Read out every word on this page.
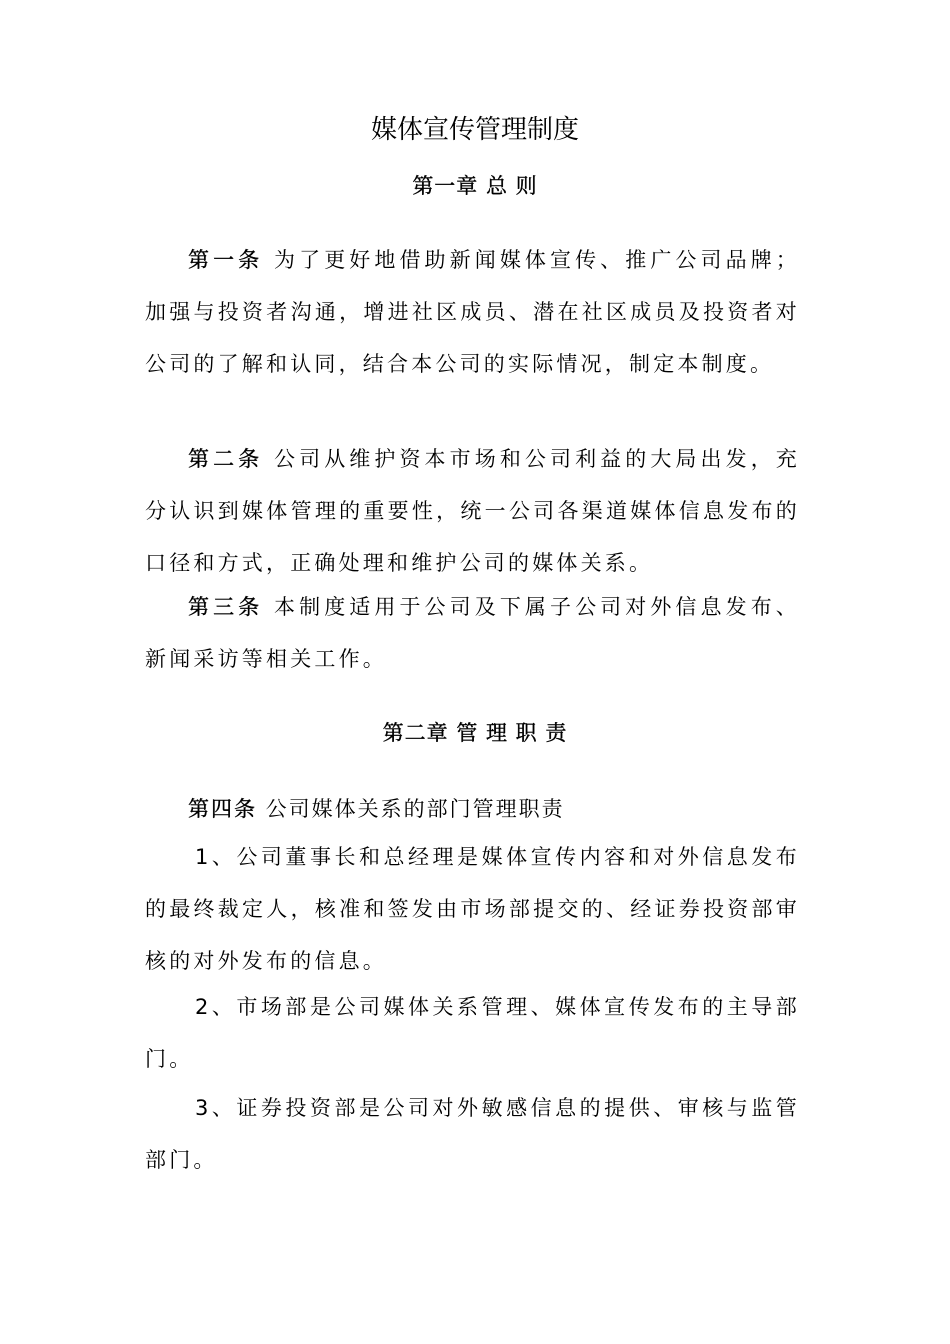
媒体宣传管理制度
第一章 总 则

第一条 为了更好地借助新闻媒体宣传、推广公司品牌；加强与投资者沟通，增进社区成员、潜在社区成员及投资者对公司的了解和认同，结合本公司的实际情况，制定本制度。

第二条 公司从维护资本市场和公司利益的大局出发，充分认识到媒体管理的重要性，统一公司各渠道媒体信息发布的口径和方式，正确处理和维护公司的媒体关系。

第三条 本制度适用于公司及下属子公司对外信息发布、新闻采访等相关工作。

第二章 管 理 职 责

第四条 公司媒体关系的部门管理职责

1、公司董事长和总经理是媒体宣传内容和对外信息发布的最终裁定人，核准和签发由市场部提交的、经证券投资部审核的对外发布的信息。

2、市场部是公司媒体关系管理、媒体宣传发布的主导部门。

3、证券投资部是公司对外敏感信息的提供、审核与监管部门。
